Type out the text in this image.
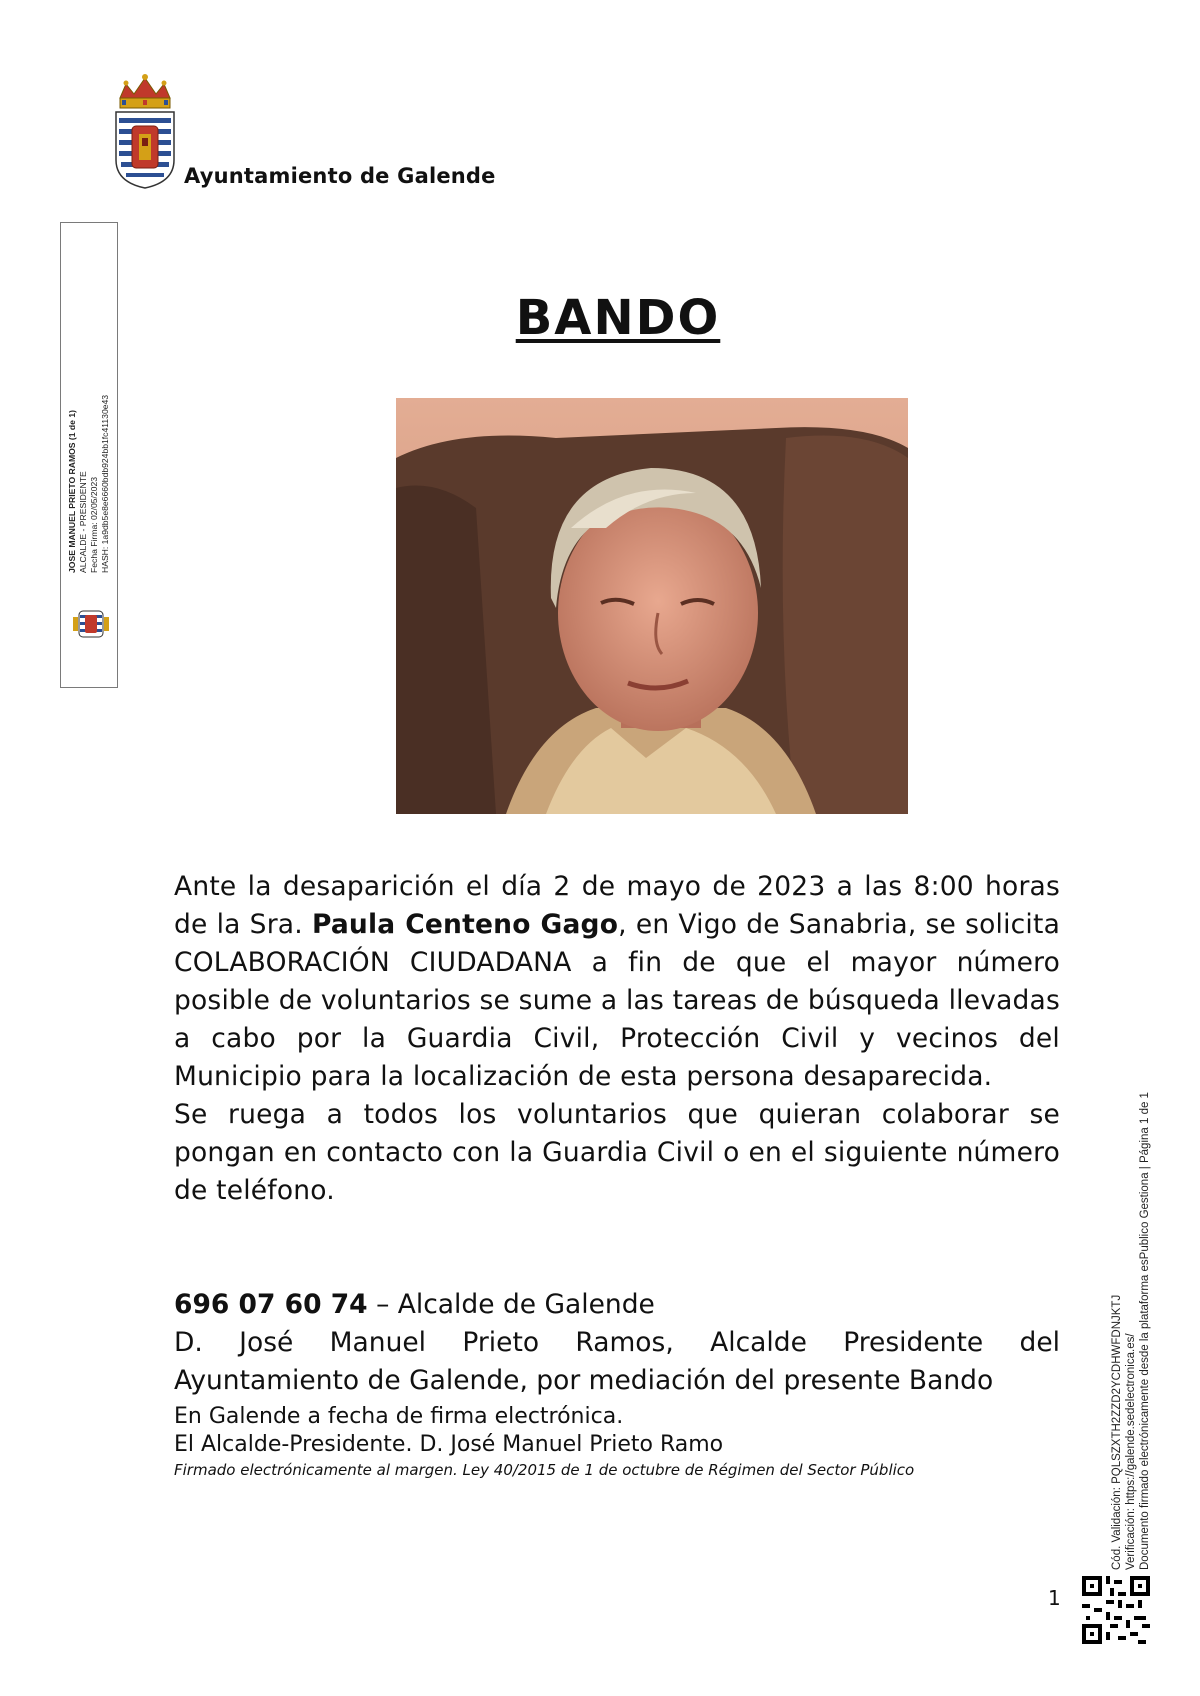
Ayuntamiento de Galende
JOSE MANUEL PRIETO RAMOS (1 de 1) ALCALDE - PRESIDENTE Fecha Firma: 02/05/2023 HASH: 1a9db5e8e6660bdb924bb1fc41130e43
BANDO

Ante la desaparición el día 2 de mayo de 2023 a las 8:00 horas de la Sra. Paula Centeno Gago, en Vigo de Sanabria, se solicita COLABORACIÓN CIUDADANA a fin de que el mayor número posible de voluntarios se sume a las tareas de búsqueda llevadas a cabo por la Guardia Civil, Protección Civil y vecinos del Municipio para la localización de esta persona desaparecida.

Se ruega a todos los voluntarios que quieran colaborar se pongan en contacto con la Guardia Civil o en el siguiente número de teléfono.

696 07 60 74 – Alcalde de Galende
D. José Manuel Prieto Ramos, Alcalde Presidente del
Ayuntamiento de Galende, por mediación del presente Bando
En Galende a fecha de firma electrónica.
El Alcalde-Presidente. D. José Manuel Prieto Ramo
Firmado electrónicamente al margen. Ley 40/2015 de 1 de octubre de Régimen del Sector Público	Cód. Validación: PQLSZXTH2ZZD2YCDHWFDNJKTJ Verificación: https://galende.sedelectronica.es/ Documento firmado electrónicamente desde la plataforma esPublico Gestiona | Página 1 de 1
1
